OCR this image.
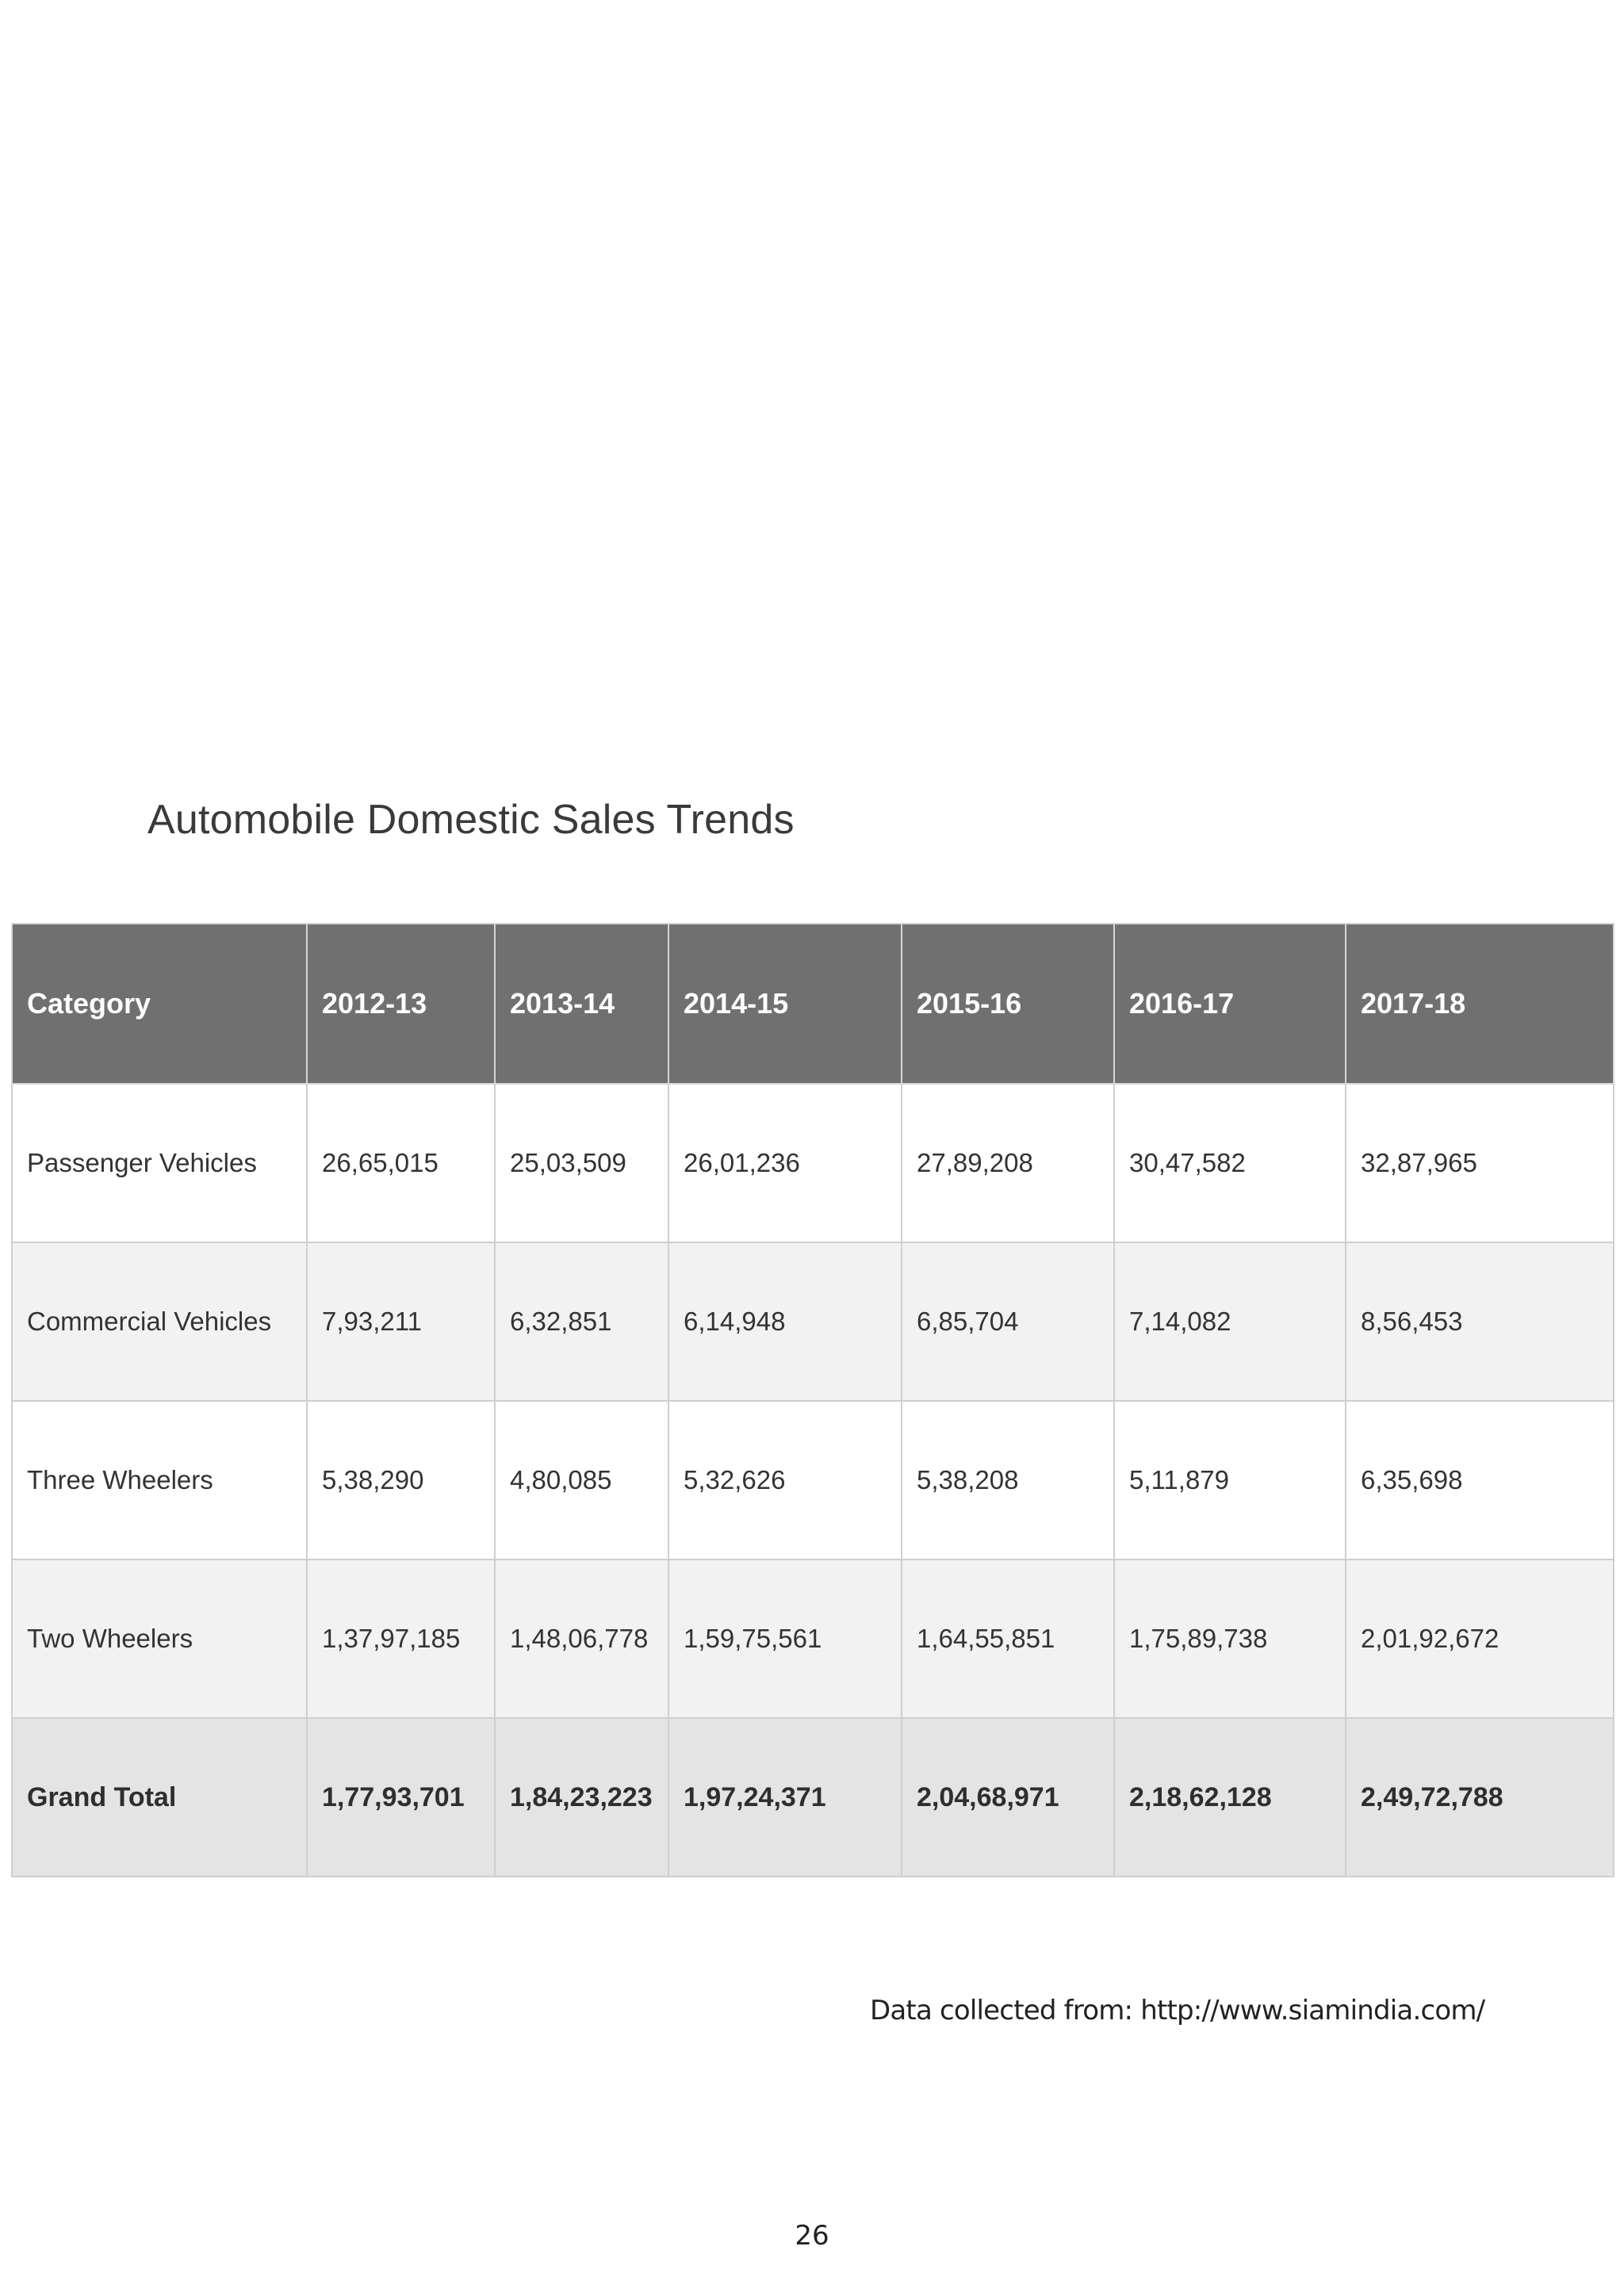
Automobile Domestic Sales Trends
Category	2012-13	2013-14	2014-15	2015-16	2016-17	2017-18
Passenger Vehicles	26,65,015	25,03,509	26,01,236	27,89,208	30,47,582	32,87,965
Commercial Vehicles	7,93,211	6,32,851	6,14,948	6,85,704	7,14,082	8,56,453
Three Wheelers	5,38,290	4,80,085	5,32,626	5,38,208	5,11,879	6,35,698
Two Wheelers	1,37,97,185	1,48,06,778	1,59,75,561	1,64,55,851	1,75,89,738	2,01,92,672
Grand Total	1,77,93,701	1,84,23,223	1,97,24,371	2,04,68,971	2,18,62,128	2,49,72,788
Data collected from: http://www.siamindia.com/
26
